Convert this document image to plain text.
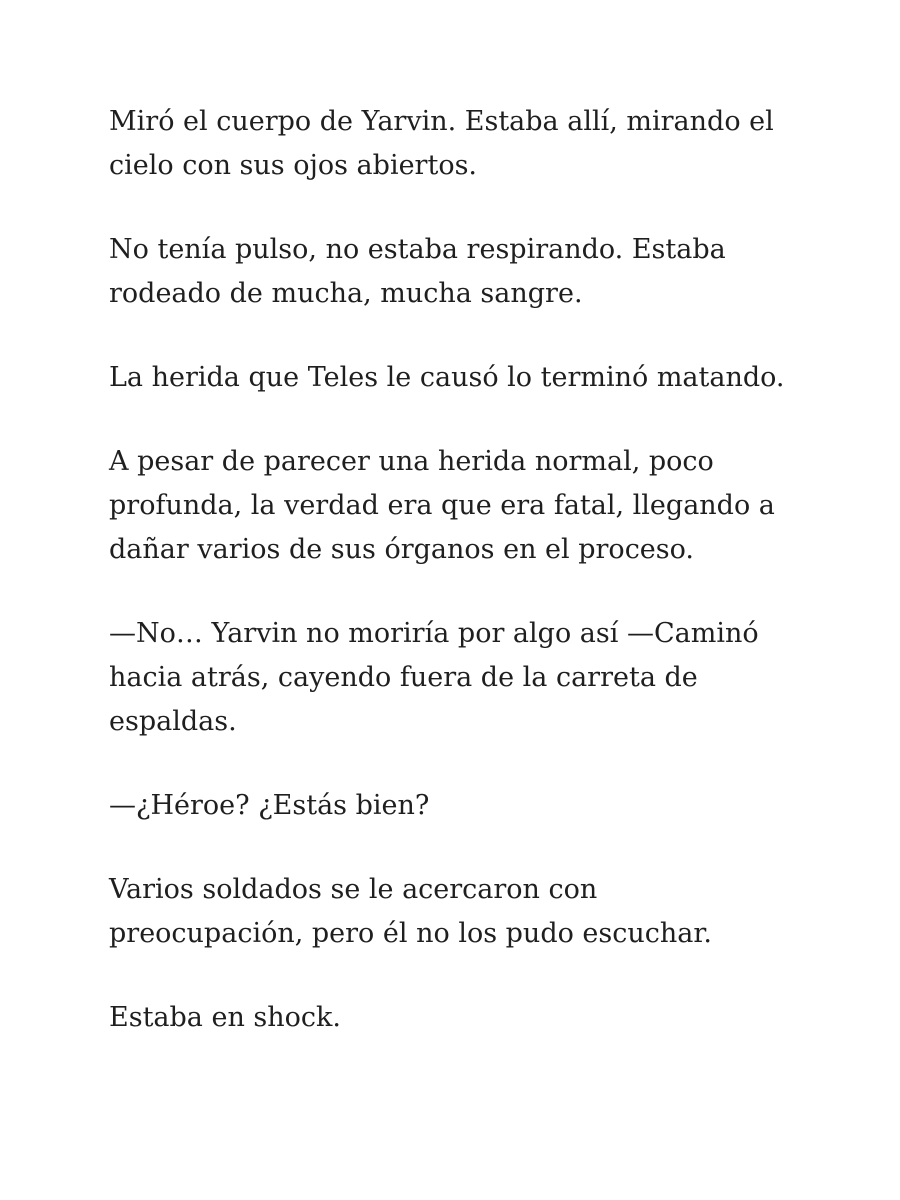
Miró el cuerpo de Yarvin. Estaba allí, mirando el cielo con sus ojos abiertos.

No tenía pulso, no estaba respirando. Estaba rodeado de mucha, mucha sangre.

La herida que Teles le causó lo terminó matando.

A pesar de parecer una herida normal, poco profunda, la verdad era que era fatal, llegando a dañar varios de sus órganos en el proceso.

—No… Yarvin no moriría por algo así —Caminó hacia atrás, cayendo fuera de la carreta de espaldas.

—¿Héroe? ¿Estás bien?

Varios soldados se le acercaron con preocupación, pero él no los pudo escuchar.

Estaba en shock.
